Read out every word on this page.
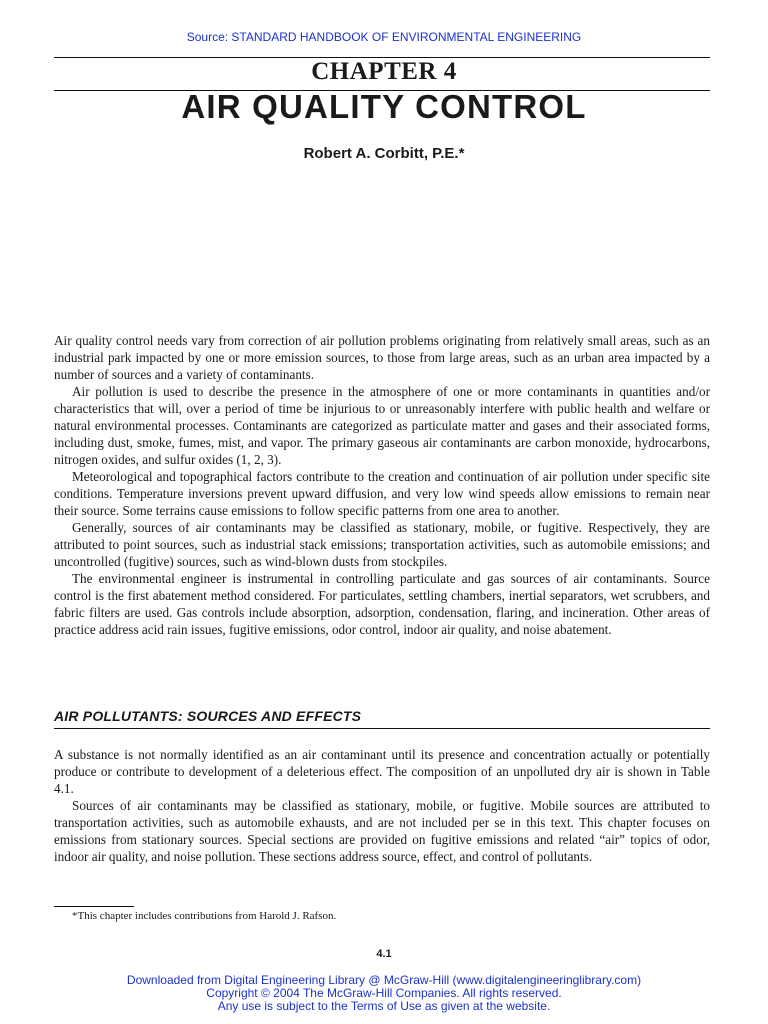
Source: STANDARD HANDBOOK OF ENVIRONMENTAL ENGINEERING
CHAPTER 4
AIR QUALITY CONTROL
Robert A. Corbitt, P.E.*

Air quality control needs vary from correction of air pollution problems originating from relatively small areas, such as an industrial park impacted by one or more emission sources, to those from large areas, such as an urban area impacted by a number of sources and a variety of contaminants.

Air pollution is used to describe the presence in the atmosphere of one or more contaminants in quantities and/or characteristics that will, over a period of time be injurious to or unreasonably interfere with public health and welfare or natural environmental processes. Contaminants are categorized as particulate matter and gases and their associated forms, including dust, smoke, fumes, mist, and vapor. The primary gaseous air contaminants are carbon monoxide, hydrocarbons, nitrogen oxides, and sulfur oxides (1, 2, 3).

Meteorological and topographical factors contribute to the creation and continuation of air pollution under specific site conditions. Temperature inversions prevent upward diffusion, and very low wind speeds allow emissions to remain near their source. Some terrains cause emissions to follow specific patterns from one area to another.

Generally, sources of air contaminants may be classified as stationary, mobile, or fugitive. Respectively, they are attributed to point sources, such as industrial stack emissions; transportation activities, such as automobile emissions; and uncontrolled (fugitive) sources, such as wind-blown dusts from stockpiles.

The environmental engineer is instrumental in controlling particulate and gas sources of air contaminants. Source control is the first abatement method considered. For particulates, settling chambers, inertial separators, wet scrubbers, and fabric filters are used. Gas controls include absorption, adsorption, condensation, flaring, and incineration. Other areas of practice address acid rain issues, fugitive emissions, odor control, indoor air quality, and noise abatement.

AIR POLLUTANTS: SOURCES AND EFFECTS

A substance is not normally identified as an air contaminant until its presence and concentration actually or potentially produce or contribute to development of a deleterious effect. The composition of an unpolluted dry air is shown in Table 4.1.

Sources of air contaminants may be classified as stationary, mobile, or fugitive. Mobile sources are attributed to transportation activities, such as automobile exhausts, and are not included per se in this text. This chapter focuses on emissions from stationary sources. Special sections are provided on fugitive emissions and related “air” topics of odor, indoor air quality, and noise pollution. These sections address source, effect, and control of pollutants.

*This chapter includes contributions from Harold J. Rafson.
4.1
Downloaded from Digital Engineering Library @ McGraw-Hill (www.digitalengineeringlibrary.com)
Copyright © 2004 The McGraw-Hill Companies. All rights reserved.
Any use is subject to the Terms of Use as given at the website.
